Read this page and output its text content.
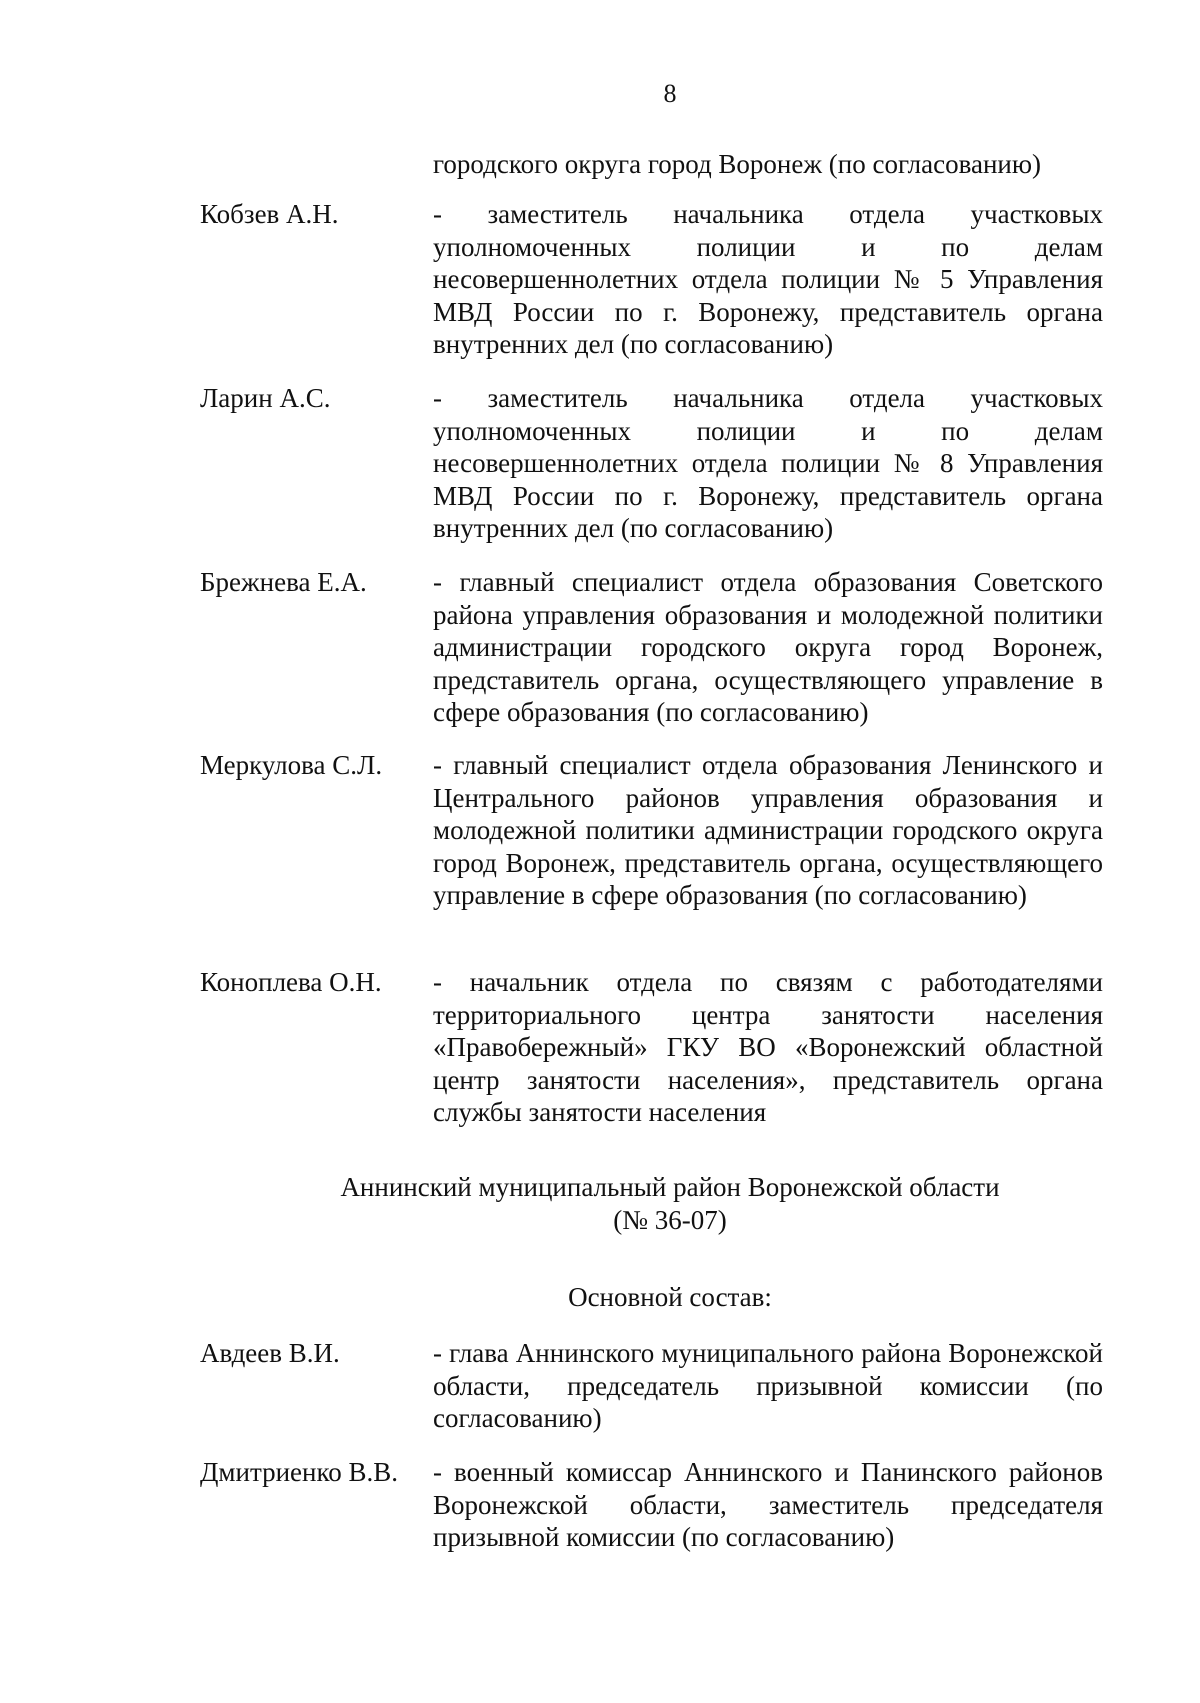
8
городского округа город Воронеж (по согласованию)
Кобзев А.Н.	- заместитель начальника отдела участковых уполномоченных полиции и по делам несовершеннолетних отдела полиции № 5 Управления МВД России по г. Воронежу, представитель органа внутренних дел (по согласованию)
Ларин А.С.	- заместитель начальника отдела участковых уполномоченных полиции и по делам несовершеннолетних отдела полиции № 8 Управления МВД России по г. Воронежу, представитель органа внутренних дел (по согласованию)
Брежнева Е.А.	- главный специалист отдела образования Советского района управления образования и молодежной политики администрации городского округа город Воронеж, представитель органа, осуществляющего управление в сфере образования (по согласованию)
Меркулова С.Л.	- главный специалист отдела образования Ленинского и Центрального районов управления образования и молодежной политики администрации городского округа город Воронеж, представитель органа, осуществляющего управление в сфере образования (по согласованию)
Коноплева О.Н.	- начальник отдела по связям с работодателями территориального центра занятости населения «Правобережный» ГКУ ВО «Воронежский областной центр занятости населения», представитель органа службы занятости населения
Аннинский муниципальный район Воронежской области
(№ 36-07)
Основной состав:
Авдеев В.И.	- глава Аннинского муниципального района Воронежской области, председатель призывной комиссии (по согласованию)
Дмитриенко В.В.	- военный комиссар Аннинского и Панинского районов Воронежской области, заместитель председателя призывной комиссии (по согласованию)
